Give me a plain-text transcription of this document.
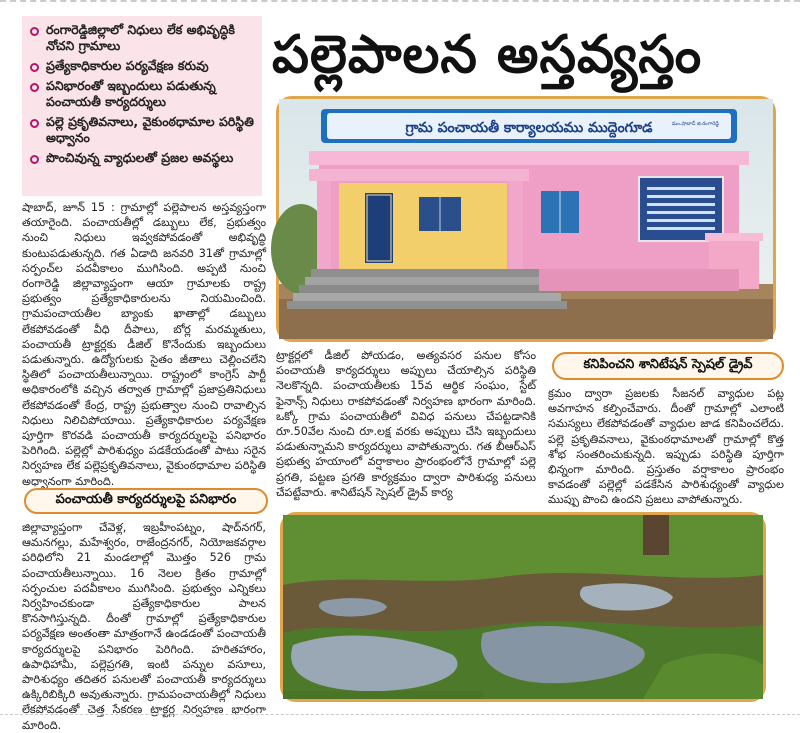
రంగారెడ్డిజిల్లాలో నిధులు లేక అభివృద్ధికి నోచని గ్రామాలు
ప్రత్యేకాధికారుల పర్యవేక్షణ కరువు
పనిభారంతో ఇబ్బందులు పడుతున్న పంచాయతీ కార్యదర్శులు
పల్లె ప్రకృతివనాలు, వైకుంఠధామాల పరిస్థితి అధ్వానం
పొంచివున్న వ్యాధులతో ప్రజల అవస్థలు
పల్లెపాలన అస్తవ్యస్తం
గ్రామ పంచాయతీ కార్యాలయము ముద్దెంగూడ	మం.షాబాద్ జి.రంగారెడ్డి
షాబాద్, జూన్ 15 : గ్రామాల్లో పల్లెపాలన అస్తవ్యస్తంగా తయారైంది. పంచాయతీల్లో డబ్బులు లేక, ప్రభుత్వం నుంచి నిధులు ఇవ్వకపోవడంతో అభివృద్ధి కుంటుపడుతున్నది. గత ఏడాది జనవరి 31తో గ్రామాల్లో సర్పంచ్‌ల పదవీకాలం ముగిసింది. అప్పటి నుంచి రంగారెడ్డి జిల్లావ్యాప్తంగా ఆయా గ్రామాలకు రాష్ట్ర ప్రభుత్వం ప్రత్యేకాధికారులను నియమించింది. గ్రామపంచాయతీల బ్యాంకు ఖాతాల్లో డబ్బులు లేకపోవడంతో వీధి దీపాలు, బోర్ల మరమ్మతులు, పంచాయతీ ట్రాక్టర్లకు డీజిల్ కొనేందుకు ఇబ్బందులు పడుతున్నారు. ఉద్యోగులకు సైతం జీతాలు చెల్లించలేని స్థితిలో పంచాయతీలున్నాయి. రాష్ట్రంలో కాంగ్రెస్ పార్టీ అధికారంలోకి వచ్చిన తర్వాత గ్రామాల్లో ప్రజాప్రతినిధులు లేకపోవడంతో కేంద్ర, రాష్ట్ర ప్రభుత్వాల నుంచి రావాల్సిన నిధులు నిలిచిపోయాయి. ప్రత్యేకాధికారుల పర్యవేక్షణ పూర్తిగా కొరవడి పంచాయతీ కార్యదర్శులపై పనిభారం పెరిగింది. పల్లెల్లో పారిశుధ్యం పడకేయడంతో పాటు సరైన నిర్వహణ లేక పల్లెప్రకృతివనాలు, వైకుంఠధామాల పరిస్థితి అధ్వానంగా మారింది.
పంచాయతీ కార్యదర్శులపై పనిభారం
జిల్లావ్యాప్తంగా చేవెళ్ల, ఇబ్రహీంపట్నం, షాద్‌నగర్, ఆమనగల్లు, మహేశ్వరం, రాజేంద్రనగర్, నియోజకవర్గాల పరిధిలోని 21 మండలాల్లో మొత్తం 526 గ్రామ పంచాయతీలున్నాయి. 16 నెలల క్రితం గ్రామాల్లో సర్పంచుల పదవీకాలం ముగిసింది. ప్రభుత్వం ఎన్నికలు నిర్వహించకుండా ప్రత్యేకాధికారుల పాలన కొనసాగిస్తున్నది. దీంతో గ్రామాల్లో ప్రత్యేకాధికారుల పర్యవేక్షణ అంతంతా మాత్రంగానే ఉండడంతో పంచాయతీ కార్యదర్శులపై పనిభారం పెరిగింది. హరితహారం, ఉపాధిహామీ, పల్లెప్రగతి, ఇంటి పన్నుల వసూలు, పారిశుధ్యం తదితర పనులతో పంచాయతీ కార్యదర్శులు ఉక్కిరిబిక్కిరి అవుతున్నారు. గ్రామపంచాయతీల్లో నిధులు లేకపోవడంతో చెత్త సేకరణ ట్రాక్టర్ల నిర్వహణ భారంగా మారింది.
ట్రాక్టర్లలో డీజిల్ పోయడం, అత్యవసర పనుల కోసం పంచాయతీ కార్యదర్శులు అప్పులు చేయాల్సిన పరిస్థితి నెలకొన్నది. పంచాయతీలకు 15వ ఆర్థిక సంఘం, స్టేట్ ఫైనాన్స్ నిధులు రాకపోవడంతో నిర్వహణ భారంగా మారింది. ఒక్కో గ్రామ పంచాయతీలో వివిధ పనులు చేపట్టడానికి రూ.50వేల నుంచి రూ.లక్ష వరకు అప్పులు చేసి ఇబ్బందులు పడుతున్నామని కార్యదర్శులు వాపోతున్నారు. గత బీఆర్‌ఎస్ ప్రభుత్వ హయాంలో వర్షాకాలం ప్రారంభంలోనే గ్రామాల్లో పల్లె ప్రగతి, పట్టణ ప్రగతి కార్యక్రమం ద్వారా పారిశుధ్య పనులు చేపట్టేవారు. శానిటేషన్ స్పెషల్ డ్రైవ్ కార్య
కనిపించని శానిటేషన్ స్పెషల్ డ్రైవ్
క్రమం ద్వారా ప్రజలకు సీజనల్ వ్యాధుల పట్ల అవగాహన కల్పించేవారు. దీంతో గ్రామాల్లో ఎలాంటి సమస్యలు లేకపోవడంతో వ్యాధుల జాడ కనిపించలేదు. పల్లె ప్రకృతివనాలు, వైకుంఠధామాలతో గ్రామాల్లో కొత్త శోభ సంతరించుకున్నది. ఇప్పుడు పరిస్థితి పూర్తిగా భిన్నంగా మారింది. ప్రస్తుతం వర్షాకాలం ప్రారంభం కావడంతో పల్లెల్లో పడకేసిన పారిశుధ్యంతో వ్యాధుల ముప్పు పొంచి ఉందని ప్రజలు వాపోతున్నారు.
